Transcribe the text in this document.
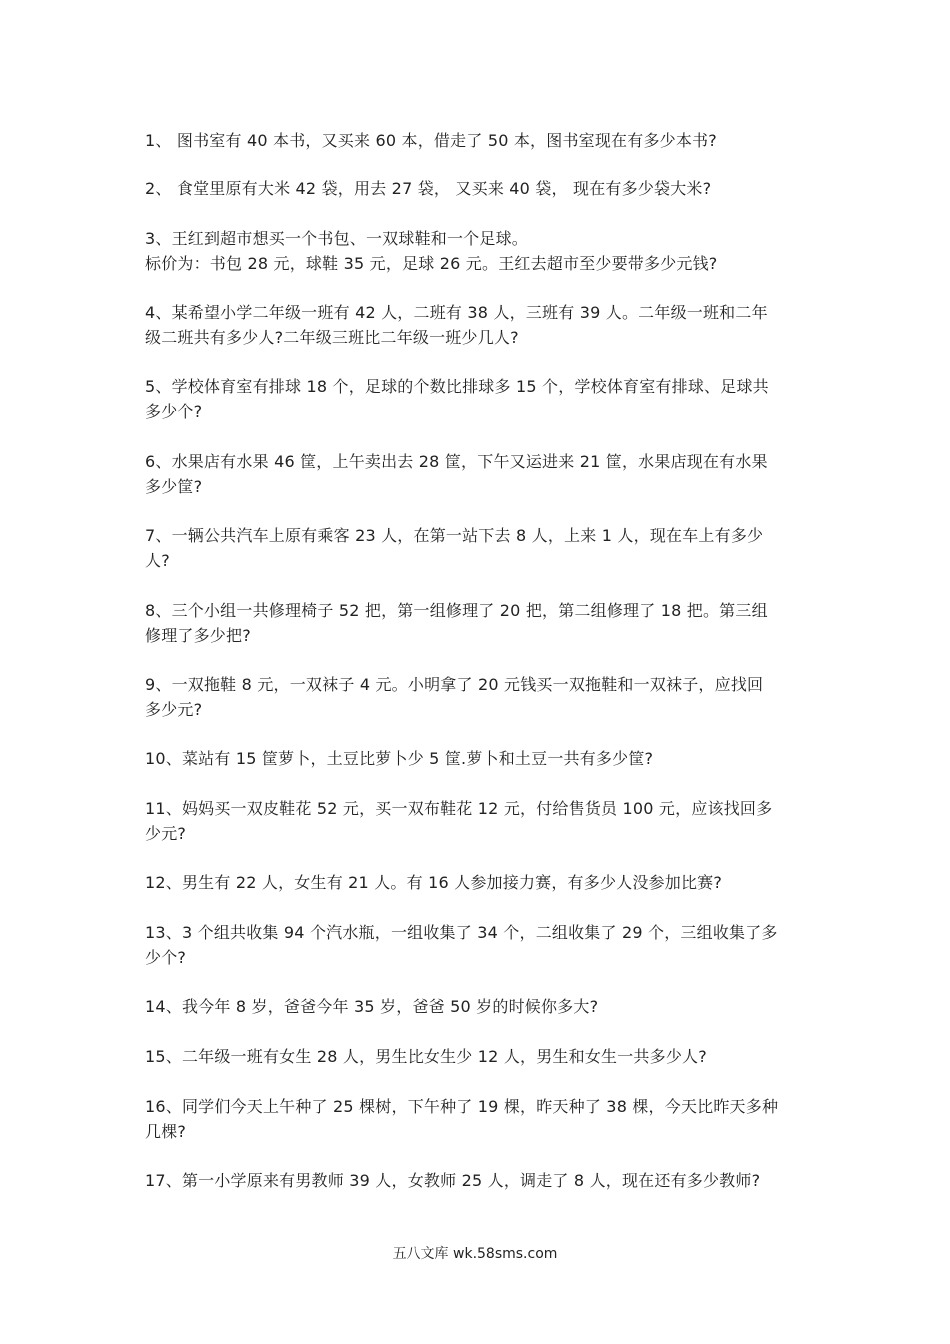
1、 图书室有 40 本书，又买来 60 本，借走了 50 本，图书室现在有多少本书?
2、 食堂里原有大米 42 袋，用去 27 袋， 又买来 40 袋， 现在有多少袋大米?
3、王红到超市想买一个书包、一双球鞋和一个足球。
标价为：书包 28 元，球鞋 35 元，足球 26 元。王红去超市至少要带多少元钱?
4、某希望小学二年级一班有 42 人，二班有 38 人，三班有 39 人。二年级一班和二年
级二班共有多少人?二年级三班比二年级一班少几人?
5、学校体育室有排球 18 个，足球的个数比排球多 15 个，学校体育室有排球、足球共
多少个?
6、水果店有水果 46 筐，上午卖出去 28 筐，下午又运进来 21 筐，水果店现在有水果
多少筐?
7、一辆公共汽车上原有乘客 23 人，在第一站下去 8 人，上来 1 人，现在车上有多少
人?
8、三个小组一共修理椅子 52 把，第一组修理了 20 把，第二组修理了 18 把。第三组
修理了多少把?
9、一双拖鞋 8 元，一双袜子 4 元。小明拿了 20 元钱买一双拖鞋和一双袜子，应找回
多少元?
10、菜站有 15 筐萝卜，土豆比萝卜少 5 筐.萝卜和土豆一共有多少筐?
11、妈妈买一双皮鞋花 52 元，买一双布鞋花 12 元，付给售货员 100 元，应该找回多
少元?
12、男生有 22 人，女生有 21 人。有 16 人参加接力赛，有多少人没参加比赛?
13、3 个组共收集 94 个汽水瓶，一组收集了 34 个，二组收集了 29 个，三组收集了多
少个?
14、我今年 8 岁，爸爸今年 35 岁，爸爸 50 岁的时候你多大?
15、二年级一班有女生 28 人，男生比女生少 12 人，男生和女生一共多少人?
16、同学们今天上午种了 25 棵树，下午种了 19 棵，昨天种了 38 棵，今天比昨天多种
几棵?
17、第一小学原来有男教师 39 人，女教师 25 人，调走了 8 人，现在还有多少教师?
五八文库 wk.58sms.com
